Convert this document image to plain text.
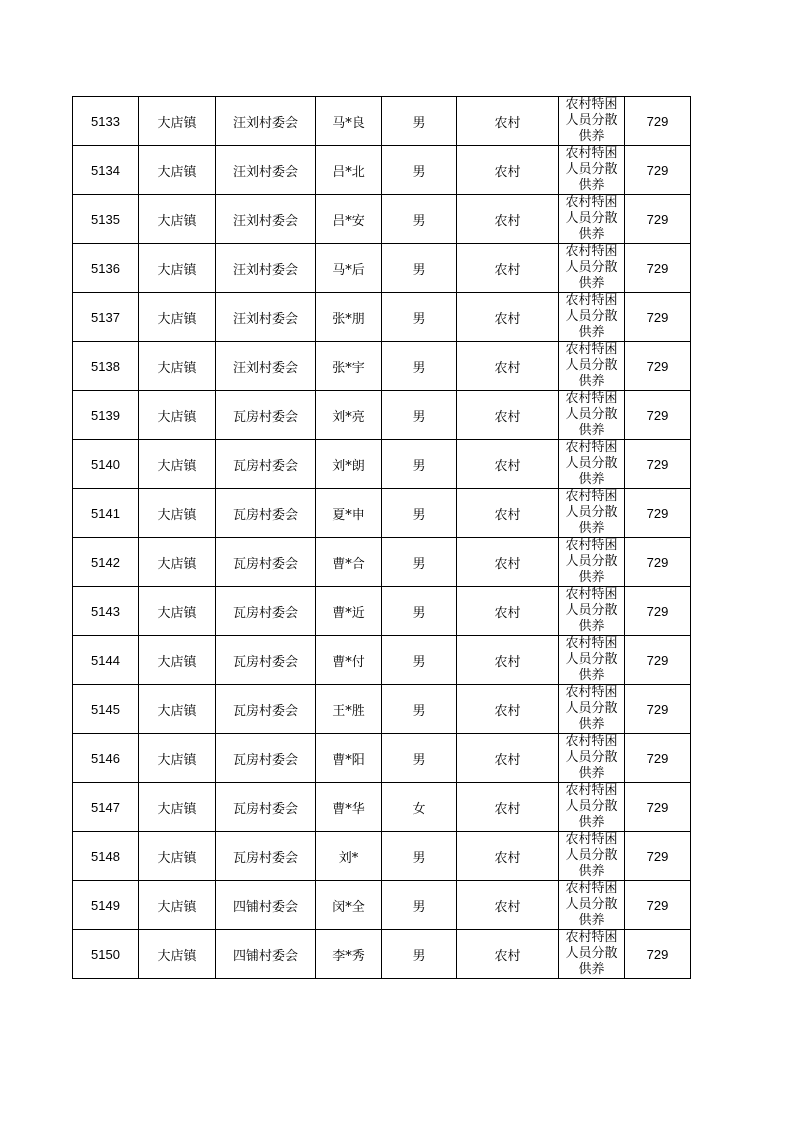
5133	大店镇	汪刘村委会	马*良	男	农村	农村特困人员分散供养	729
5134	大店镇	汪刘村委会	吕*北	男	农村	农村特困人员分散供养	729
5135	大店镇	汪刘村委会	吕*安	男	农村	农村特困人员分散供养	729
5136	大店镇	汪刘村委会	马*后	男	农村	农村特困人员分散供养	729
5137	大店镇	汪刘村委会	张*朋	男	农村	农村特困人员分散供养	729
5138	大店镇	汪刘村委会	张*宇	男	农村	农村特困人员分散供养	729
5139	大店镇	瓦房村委会	刘*亮	男	农村	农村特困人员分散供养	729
5140	大店镇	瓦房村委会	刘*朗	男	农村	农村特困人员分散供养	729
5141	大店镇	瓦房村委会	夏*申	男	农村	农村特困人员分散供养	729
5142	大店镇	瓦房村委会	曹*合	男	农村	农村特困人员分散供养	729
5143	大店镇	瓦房村委会	曹*近	男	农村	农村特困人员分散供养	729
5144	大店镇	瓦房村委会	曹*付	男	农村	农村特困人员分散供养	729
5145	大店镇	瓦房村委会	王*胜	男	农村	农村特困人员分散供养	729
5146	大店镇	瓦房村委会	曹*阳	男	农村	农村特困人员分散供养	729
5147	大店镇	瓦房村委会	曹*华	女	农村	农村特困人员分散供养	729
5148	大店镇	瓦房村委会	刘*	男	农村	农村特困人员分散供养	729
5149	大店镇	四铺村委会	闵*全	男	农村	农村特困人员分散供养	729
5150	大店镇	四铺村委会	李*秀	男	农村	农村特困人员分散供养	729
